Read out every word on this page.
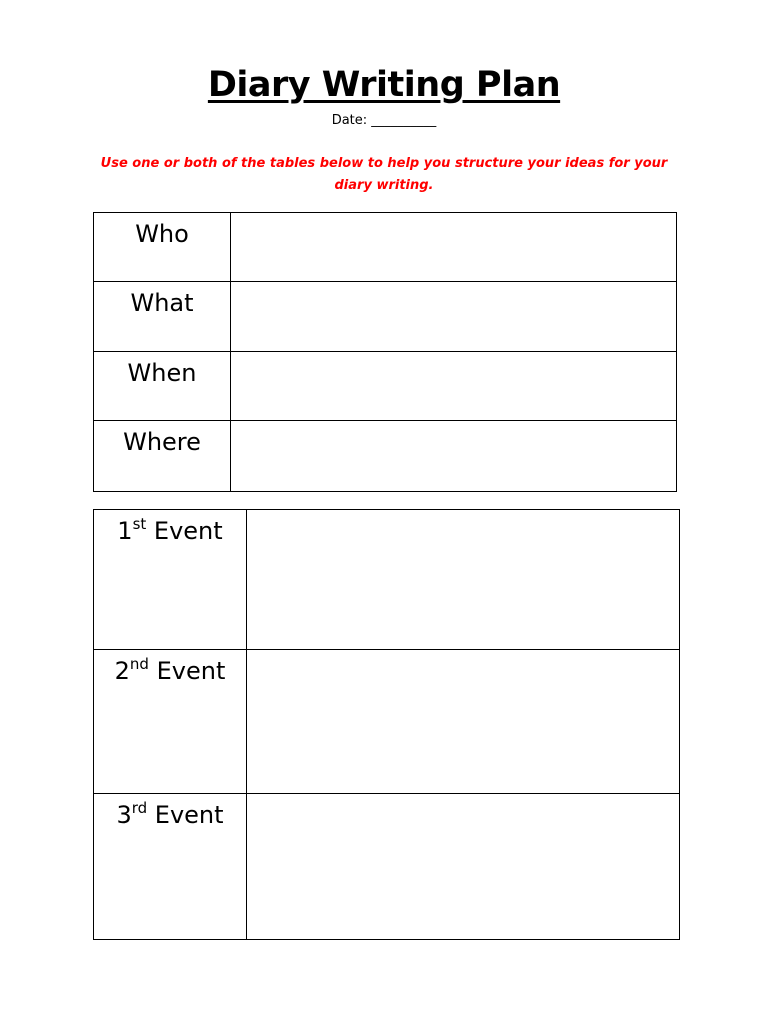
Diary Writing Plan
Date: __________
Use one or both of the tables below to help you structure your ideas for your diary writing.
Who	

What	

When	

Where	

1st Event	

2nd Event	

3rd Event	
